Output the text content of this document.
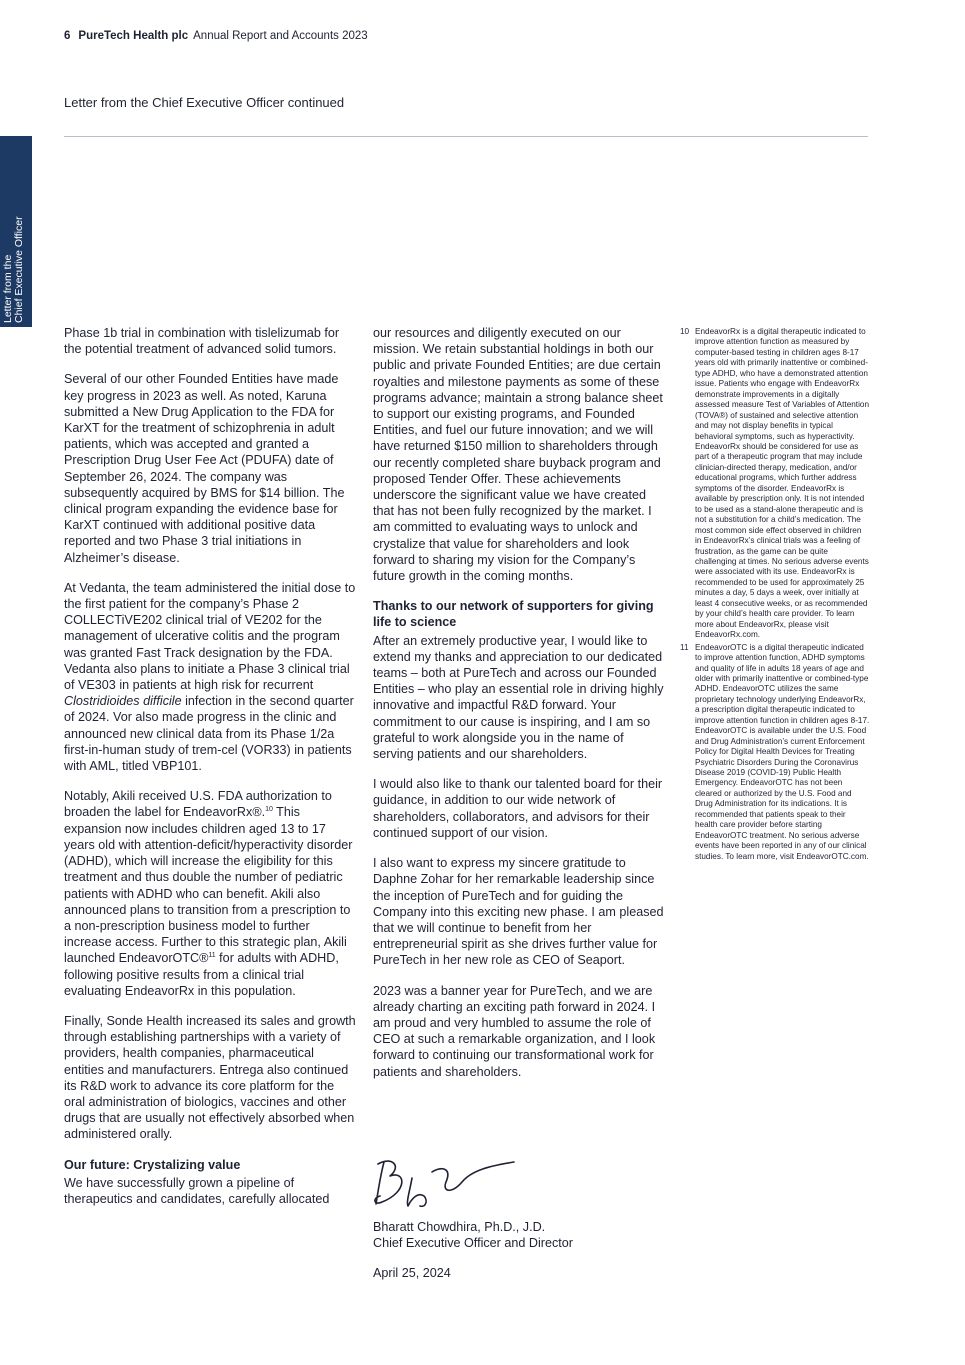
6 PureTech Health plc Annual Report and Accounts 2023
Letter from the Chief Executive Officer continued
Letter from the Chief Executive Officer

Phase 1b trial in combination with tislelizumab for the potential treatment of advanced solid tumors.

Several of our other Founded Entities have made key progress in 2023 as well. As noted, Karuna submitted a New Drug Application to the FDA for KarXT for the treatment of schizophrenia in adult patients, which was accepted and granted a Prescription Drug User Fee Act (PDUFA) date of September 26, 2024. The company was subsequently acquired by BMS for $14 billion. The clinical program expanding the evidence base for KarXT continued with additional positive data reported and two Phase 3 trial initiations in Alzheimer’s disease.

At Vedanta, the team administered the initial dose to the first patient for the company’s Phase 2 COLLECTiVE202 clinical trial of VE202 for the management of ulcerative colitis and the program was granted Fast Track designation by the FDA. Vedanta also plans to initiate a Phase 3 clinical trial of VE303 in patients at high risk for recurrent Clostridioides difficile infection in the second quarter of 2024. Vor also made progress in the clinic and announced new clinical data from its Phase 1/2a first-in-human study of trem-cel (VOR33) in patients with AML, titled VBP101.

Notably, Akili received U.S. FDA authorization to broaden the label for EndeavorRx®.$^{10}$ This expansion now includes children aged 13 to 17 years old with attention-deficit/hyperactivity disorder (ADHD), which will increase the eligibility for this treatment and thus double the number of pediatric patients with ADHD who can benefit. Akili also announced plans to transition from a prescription to a non-prescription business model to further increase access. Further to this strategic plan, Akili launched EndeavorOTC®$^{11}$ for adults with ADHD, following positive results from a clinical trial evaluating EndeavorRx in this population.

Finally, Sonde Health increased its sales and growth through establishing partnerships with a variety of providers, health companies, pharmaceutical entities and manufacturers. Entrega also continued its R&D work to advance its core platform for the oral administration of biologics, vaccines and other drugs that are usually not effectively absorbed when administered orally.

Our future: Crystalizing value

We have successfully grown a pipeline of therapeutics and candidates, carefully allocated

our resources and diligently executed on our mission. We retain substantial holdings in both our public and private Founded Entities; are due certain royalties and milestone payments as some of these programs advance; maintain a strong balance sheet to support our existing programs, and Founded Entities, and fuel our future innovation; and we will have returned $150 million to shareholders through our recently completed share buyback program and proposed Tender Offer. These achievements underscore the significant value we have created that has not been fully recognized by the market. I am committed to evaluating ways to unlock and crystalize that value for shareholders and look forward to sharing my vision for the Company’s future growth in the coming months.

Thanks to our network of supporters for giving life to science

After an extremely productive year, I would like to extend my thanks and appreciation to our dedicated teams – both at PureTech and across our Founded Entities – who play an essential role in driving highly innovative and impactful R&D forward. Your commitment to our cause is inspiring, and I am so grateful to work alongside you in the name of serving patients and our shareholders.

I would also like to thank our talented board for their guidance, in addition to our wide network of shareholders, collaborators, and advisors for their continued support of our vision.

I also want to express my sincere gratitude to Daphne Zohar for her remarkable leadership since the inception of PureTech and for guiding the Company into this exciting new phase. I am pleased that we will continue to benefit from her entrepreneurial spirit as she drives further value for PureTech in her new role as CEO of Seaport.

2023 was a banner year for PureTech, and we are already charting an exciting path forward in 2024. I am proud and very humbled to assume the role of CEO at such a remarkable organization, and I look forward to continuing our transformational work for patients and shareholders.

Bharatt Chowdhira, Ph.D., J.D.
Chief Executive Officer and Director
April 25, 2024
10 EndeavorRx is a digital therapeutic indicated to improve attention function as measured by computer-based testing in children ages 8-17 years old with primarily inattentive or combined-type ADHD, who have a demonstrated attention issue. Patients who engage with EndeavorRx demonstrate improvements in a digitally assessed measure Test of Variables of Attention (TOVA®) of sustained and selective attention and may not display benefits in typical behavioral symptoms, such as hyperactivity. EndeavorRx should be considered for use as part of a therapeutic program that may include clinician-directed therapy, medication, and/or educational programs, which further address symptoms of the disorder. EndeavorRx is available by prescription only. It is not intended to be used as a stand-alone therapeutic and is not a substitution for a child’s medication. The most common side effect observed in children in EndeavorRx’s clinical trials was a feeling of frustration, as the game can be quite challenging at times. No serious adverse events were associated with its use. EndeavorRx is recommended to be used for approximately 25 minutes a day, 5 days a week, over initially at least 4 consecutive weeks, or as recommended by your child’s health care provider. To learn more about EndeavorRx, please visit EndeavorRx.com.
11 EndeavorOTC is a digital therapeutic indicated to improve attention function, ADHD symptoms and quality of life in adults 18 years of age and older with primarily inattentive or combined-type ADHD. EndeavorOTC utilizes the same proprietary technology underlying EndeavorRx, a prescription digital therapeutic indicated to improve attention function in children ages 8-17. EndeavorOTC is available under the U.S. Food and Drug Administration’s current Enforcement Policy for Digital Health Devices for Treating Psychiatric Disorders During the Coronavirus Disease 2019 (COVID-19) Public Health Emergency. EndeavorOTC has not been cleared or authorized by the U.S. Food and Drug Administration for its indications. It is recommended that patients speak to their health care provider before starting EndeavorOTC treatment. No serious adverse events have been reported in any of our clinical studies. To learn more, visit EndeavorOTC.com.
